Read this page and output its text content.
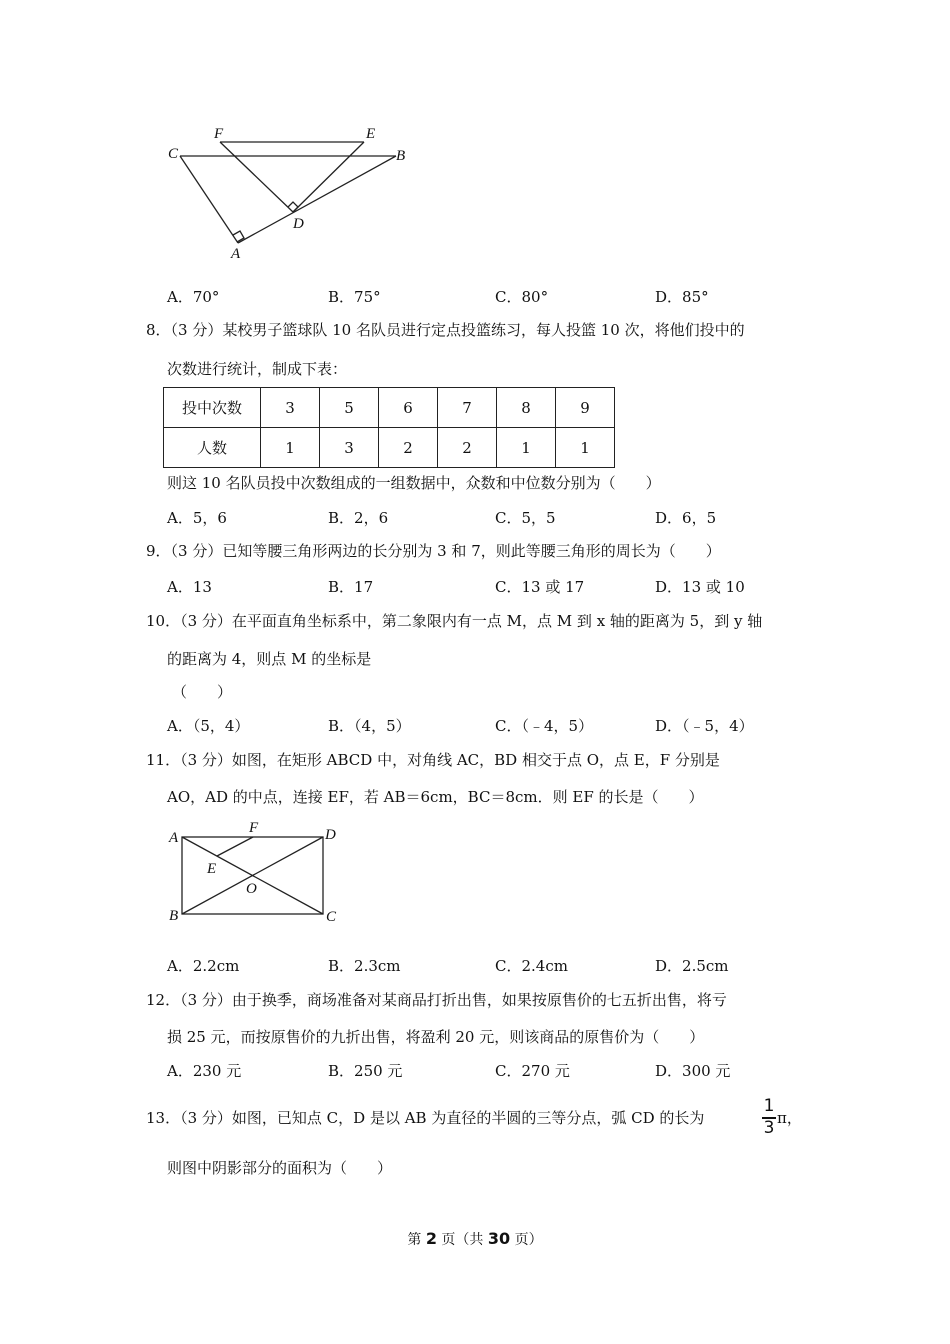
C
F	E
B
D
A
A．70°	B．75°	C．80°	D．85°
8．（3 分）某校男子篮球队 10 名队员进行定点投篮练习，每人投篮 10 次，将他们投中的
次数进行统计，制成下表：
投中次数	3	5	6	7	8	9
人数	1	3	2	2	1	1
则这 10 名队员投中次数组成的一组数据中，众数和中位数分别为（　　）
A．5，6	B．2，6	C．5，5	D．6，5
9．（3 分）已知等腰三角形两边的长分别为 3 和 7，则此等腰三角形的周长为（　　）
A．13	B．17	C．13 或 17	D．13 或 10
10．（3 分）在平面直角坐标系中，第二象限内有一点 M，点 M 到 x 轴的距离为 5，到 y 轴
的距离为 4，则点 M 的坐标是
（　　）
A．（5，4）	B．（4，5）	C．（﹣4，5）	D．（﹣5，4）
11．（3 分）如图，在矩形 ABCD 中，对角线 AC，BD 相交于点 O，点 E，F 分别是
AO，AD 的中点，连接 EF，若 AB＝6cm，BC＝8cm．则 EF 的长是（　　）
A
F	D
E
O
B	C
A．2.2cm	B．2.3cm	C．2.4cm	D．2.5cm
12．（3 分）由于换季，商场准备对某商品打折出售，如果按原售价的七五折出售，将亏
损 25 元，而按原售价的九折出售，将盈利 20 元，则该商品的原售价为（　　）
A．230 元	B．250 元	C．270 元	D．300 元
13．（3 分）如图，已知点 C，D 是以 AB 为直径的半圆的三等分点，弧 CD 的长为
1
3 π，
则图中阴影部分的面积为（　　）
第 2 页（共 30 页）
